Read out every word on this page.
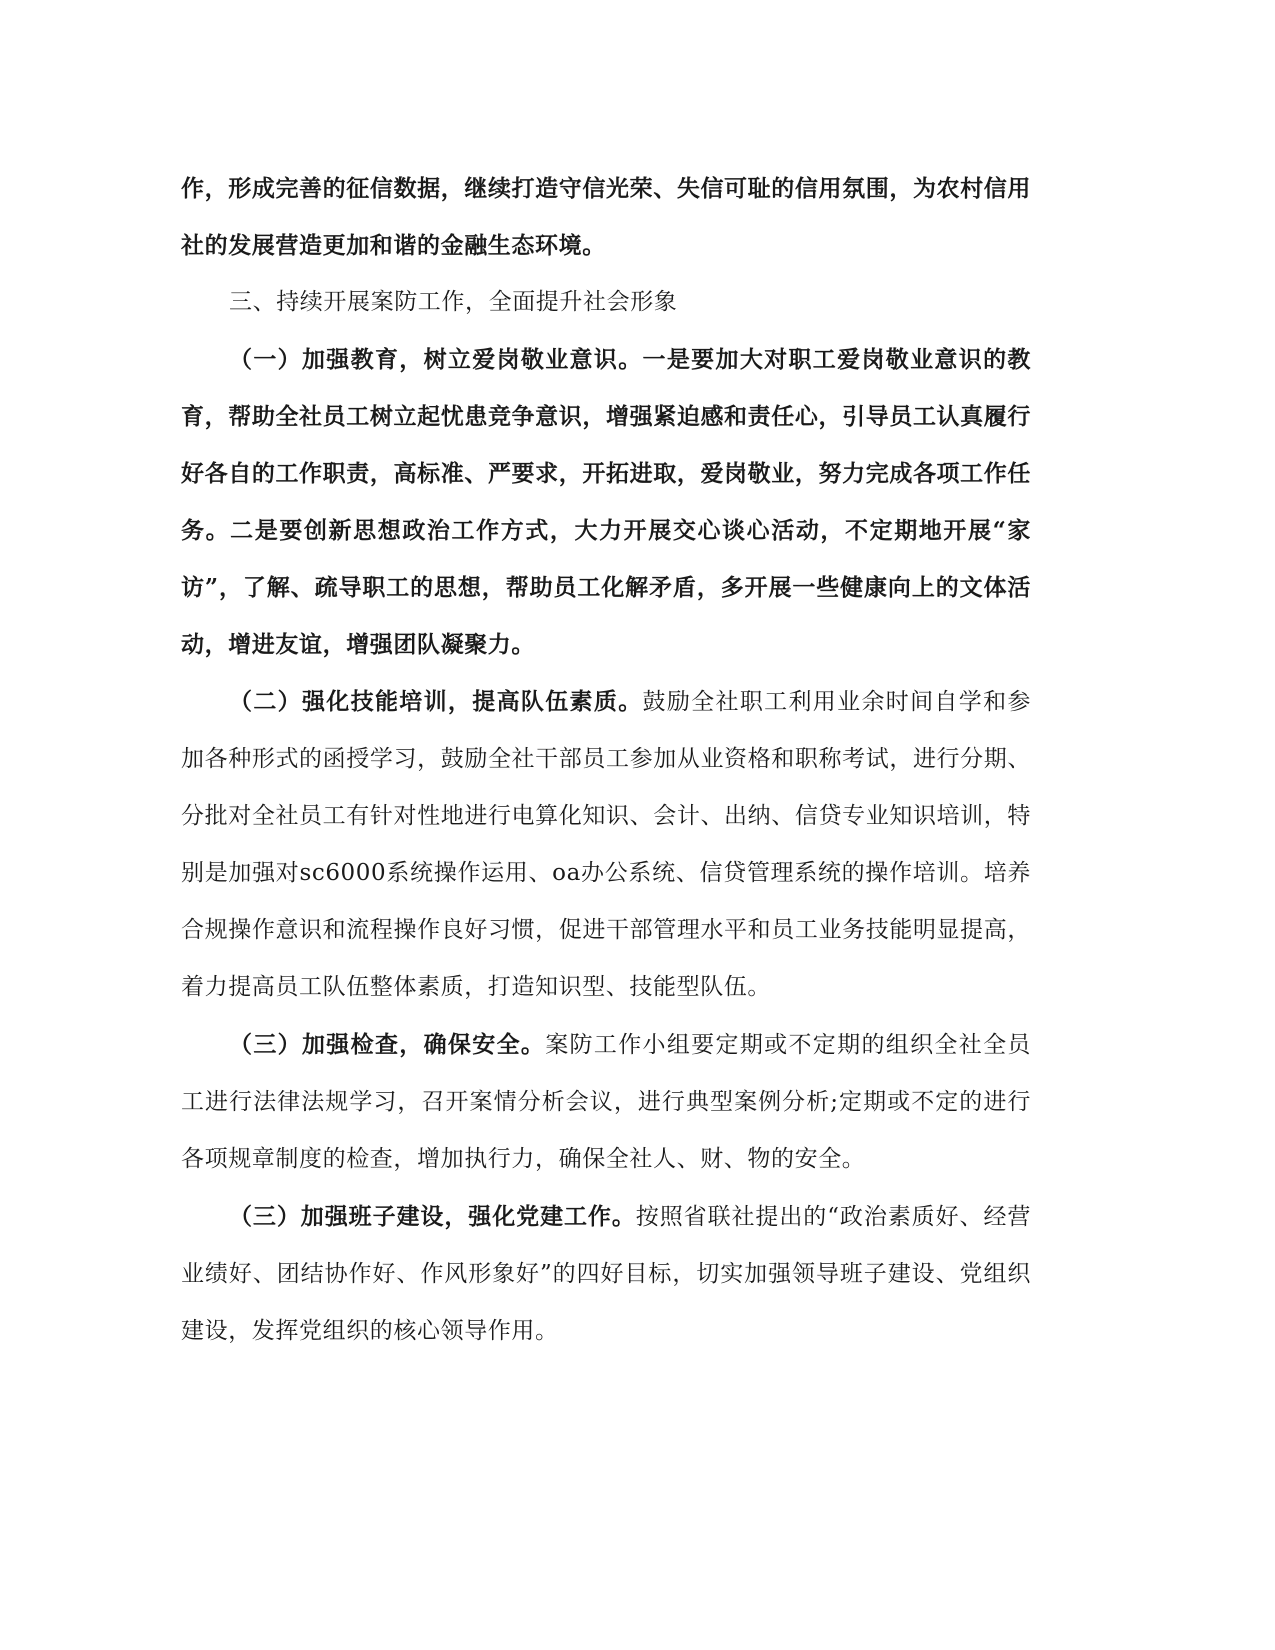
作，形成完善的征信数据，继续打造守信光荣、失信可耻的信用氛围，为农村信用社的发展营造更加和谐的金融生态环境。

三、持续开展案防工作，全面提升社会形象

（一）加强教育，树立爱岗敬业意识。一是要加大对职工爱岗敬业意识的教育，帮助全社员工树立起忧患竞争意识，增强紧迫感和责任心，引导员工认真履行好各自的工作职责，高标准、严要求，开拓进取，爱岗敬业，努力完成各项工作任务。二是要创新思想政治工作方式，大力开展交心谈心活动，不定期地开展“家访”，了解、疏导职工的思想，帮助员工化解矛盾，多开展一些健康向上的文体活动，增进友谊，增强团队凝聚力。

（二）强化技能培训，提高队伍素质。鼓励全社职工利用业余时间自学和参加各种形式的函授学习，鼓励全社干部员工参加从业资格和职称考试，进行分期、分批对全社员工有针对性地进行电算化知识、会计、出纳、信贷专业知识培训，特别是加强对sc6000系统操作运用、oa办公系统、信贷管理系统的操作培训。培养合规操作意识和流程操作良好习惯，促进干部管理水平和员工业务技能明显提高，着力提高员工队伍整体素质，打造知识型、技能型队伍。

（三）加强检查，确保安全。案防工作小组要定期或不定期的组织全社全员工进行法律法规学习，召开案情分析会议，进行典型案例分析;定期或不定的进行各项规章制度的检查，增加执行力，确保全社人、财、物的安全。

（三）加强班子建设，强化党建工作。按照省联社提出的“政治素质好、经营业绩好、团结协作好、作风形象好”的四好目标，切实加强领导班子建设、党组织建设，发挥党组织的核心领导作用。
